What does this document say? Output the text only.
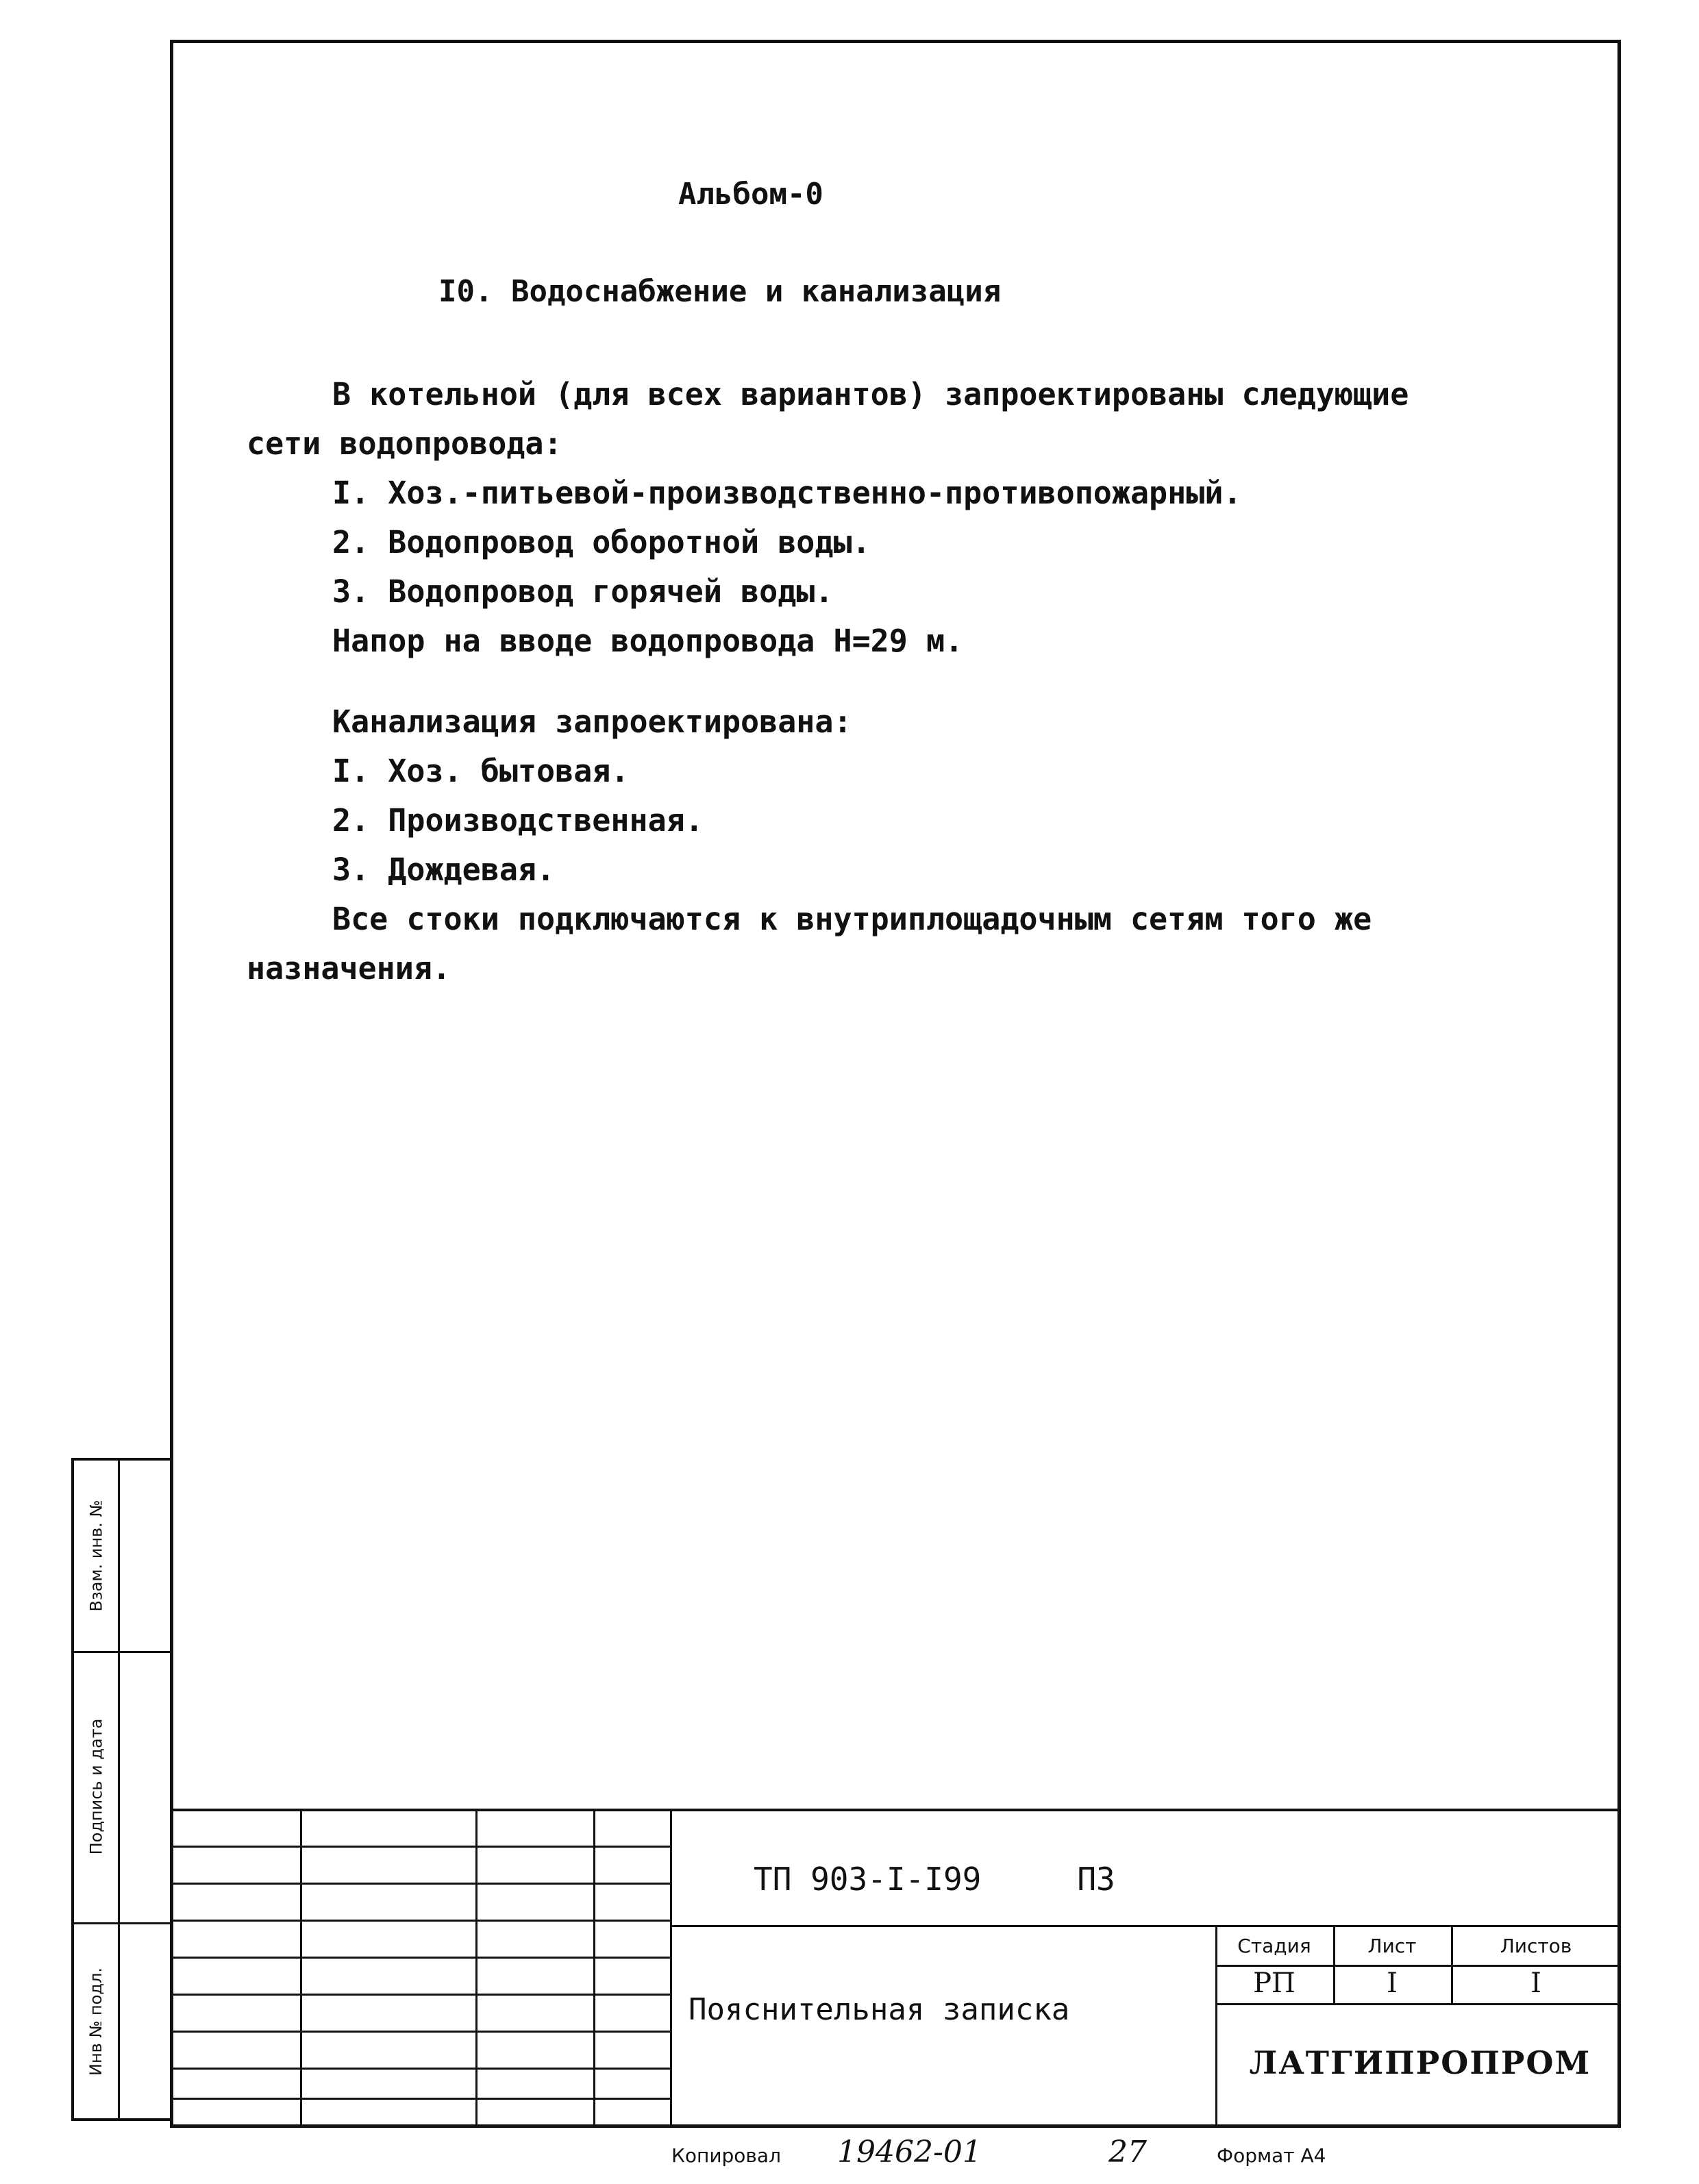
Альбом-0
I0. Водоснабжение и канализация

В котельной (для всех вариантов) запроектированы следующие

сети водопровода:

I. Хоз.-питьевой-производственно-противопожарный.

2. Водопровод оборотной воды.

3. Водопровод горячей воды.

Напор на вводе водопровода Н=29 м.

Канализация запроектирована:

I. Хоз. бытовая.

2. Производственная.

3. Дождевая.

Все стоки подключаются к внутриплощадочным сетям того же

назначения.

Взам. инв. №
Подпись и дата
Инв № подл.
ТП 903-I-I99	ПЗ
Пояснительная записка
Стадия	Лист	Листов
РП	I	I
ЛАТГИПРОПРОМ
Копировал 19462-01	27	Формат А4
